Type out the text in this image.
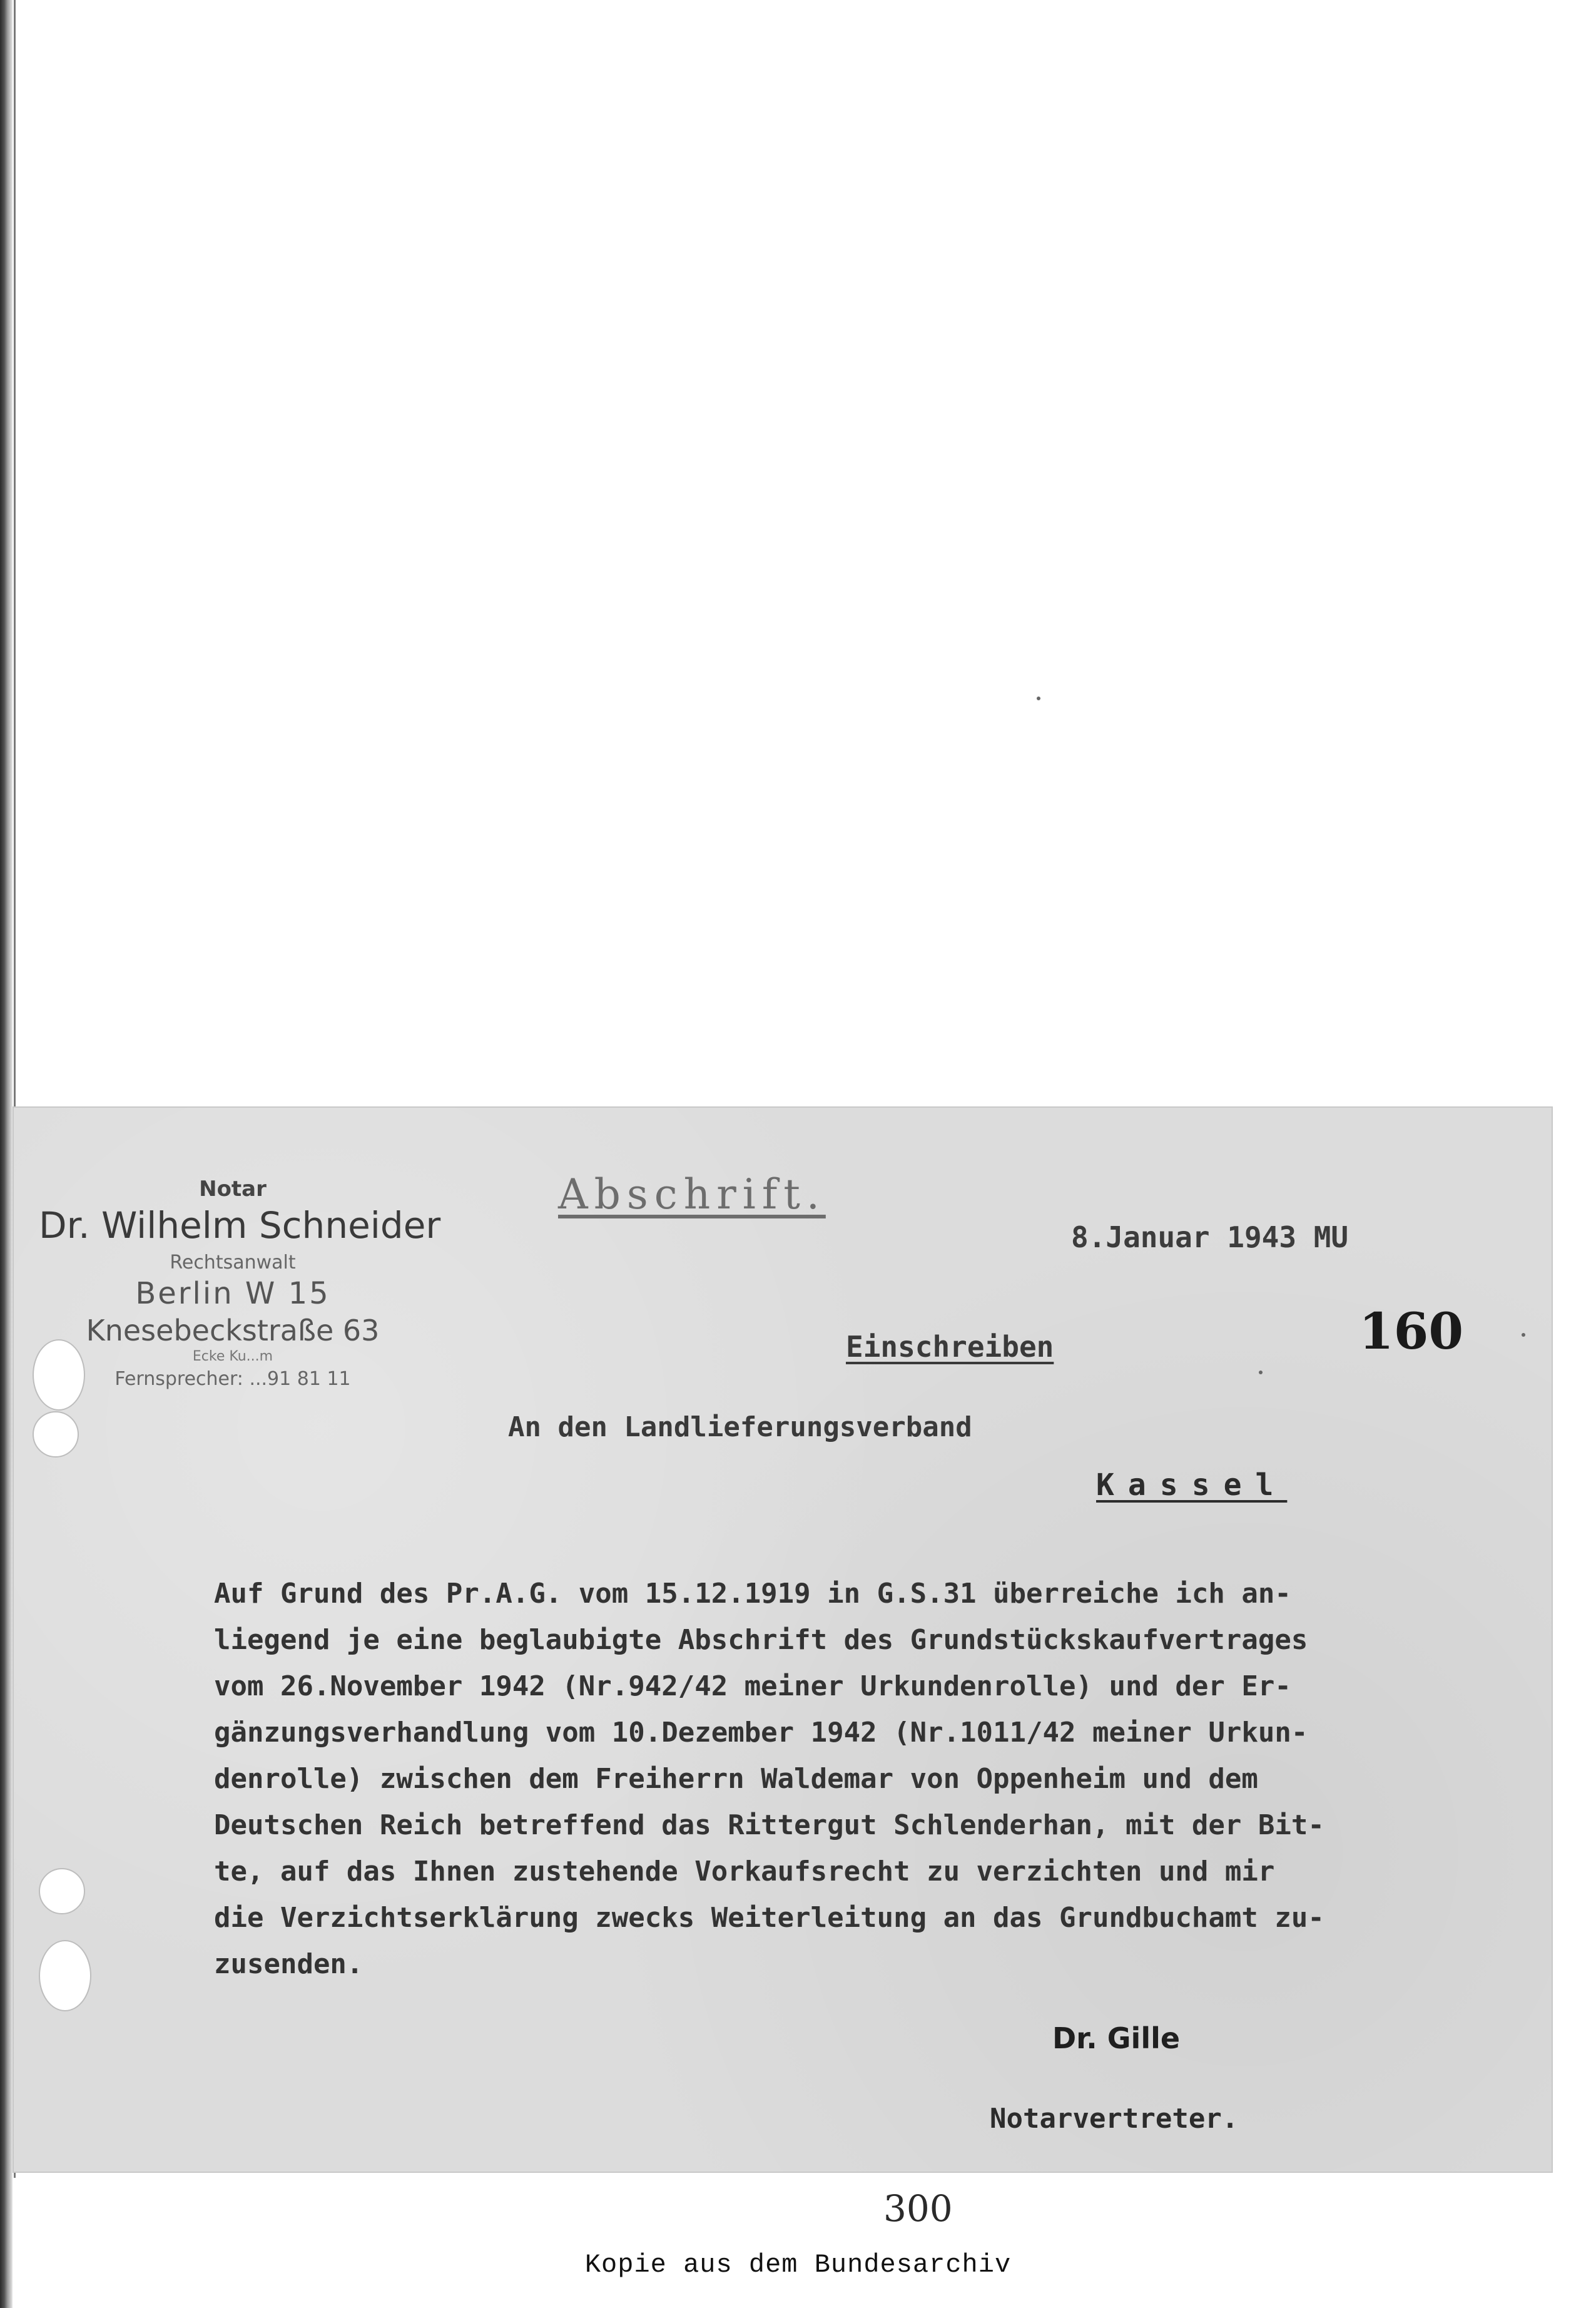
Notar
Dr. Wilhelm Schneider
Rechtsanwalt
Berlin W 15
Knesebeckstraße 63
Ecke Ku...m
Fernsprecher: ...91 81 11
Abschrift.
8.Januar 1943 MU
160
Einschreiben
An den Landlieferungsverband
Kassel
Auf Grund des Pr.A.G. vom 15.12.1919 in G.S.31 überreiche ich an-
liegend je eine beglaubigte Abschrift des Grundstückskaufvertrages
vom 26.November 1942 (Nr.942/42 meiner Urkundenrolle) und der Er-
gänzungsverhandlung vom 10.Dezember 1942 (Nr.1011/42 meiner Urkun-
denrolle) zwischen dem Freiherrn Waldemar von Oppenheim und dem
Deutschen Reich betreffend das Rittergut Schlenderhan, mit der Bit-
te, auf das Ihnen zustehende Vorkaufsrecht zu verzichten und mir
die Verzichtserklärung zwecks Weiterleitung an das Grundbuchamt zu-
zusenden.
Dr. Gille
Notarvertreter.
300
Kopie aus dem Bundesarchiv
